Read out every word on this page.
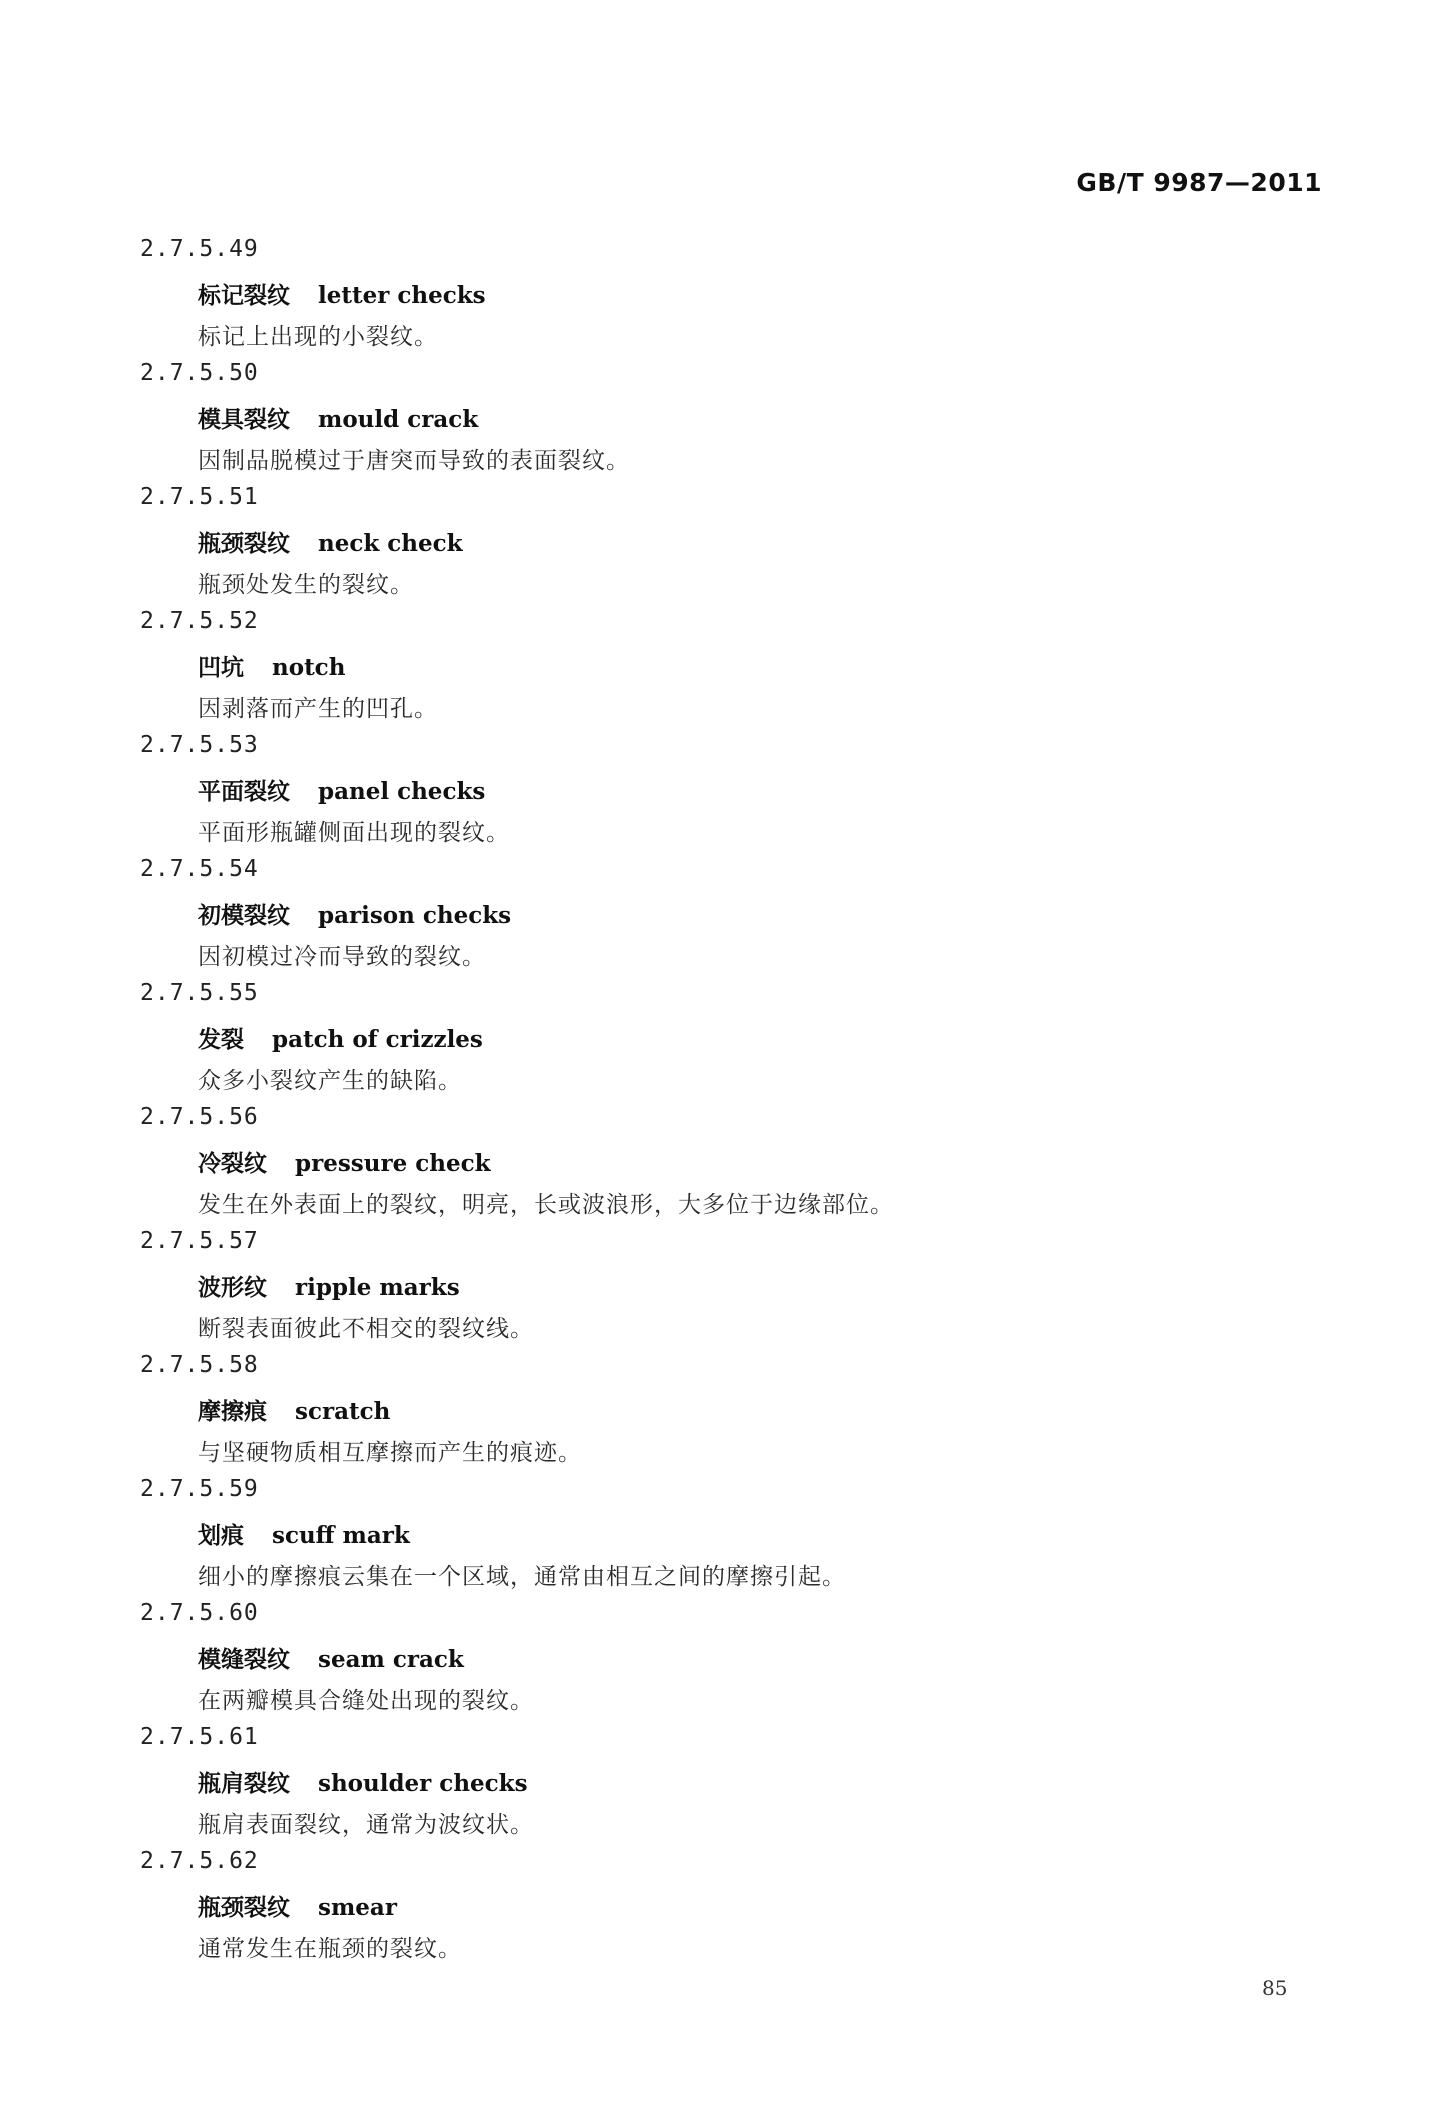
GB/T 9987—2011
2.7.5.49
标记裂纹 letter checks
标记上出现的小裂纹。
2.7.5.50
模具裂纹 mould crack
因制品脱模过于唐突而导致的表面裂纹。
2.7.5.51
瓶颈裂纹 neck check
瓶颈处发生的裂纹。
2.7.5.52
凹坑 notch
因剥落而产生的凹孔。
2.7.5.53
平面裂纹 panel checks
平面形瓶罐侧面出现的裂纹。
2.7.5.54
初模裂纹 parison checks
因初模过冷而导致的裂纹。
2.7.5.55
发裂 patch of crizzles
众多小裂纹产生的缺陷。
2.7.5.56
冷裂纹 pressure check
发生在外表面上的裂纹，明亮，长或波浪形，大多位于边缘部位。
2.7.5.57
波形纹 ripple marks
断裂表面彼此不相交的裂纹线。
2.7.5.58
摩擦痕 scratch
与坚硬物质相互摩擦而产生的痕迹。
2.7.5.59
划痕 scuff mark
细小的摩擦痕云集在一个区域，通常由相互之间的摩擦引起。
2.7.5.60
模缝裂纹 seam crack
在两瓣模具合缝处出现的裂纹。
2.7.5.61
瓶肩裂纹 shoulder checks
瓶肩表面裂纹，通常为波纹状。
2.7.5.62
瓶颈裂纹 smear
通常发生在瓶颈的裂纹。
85
